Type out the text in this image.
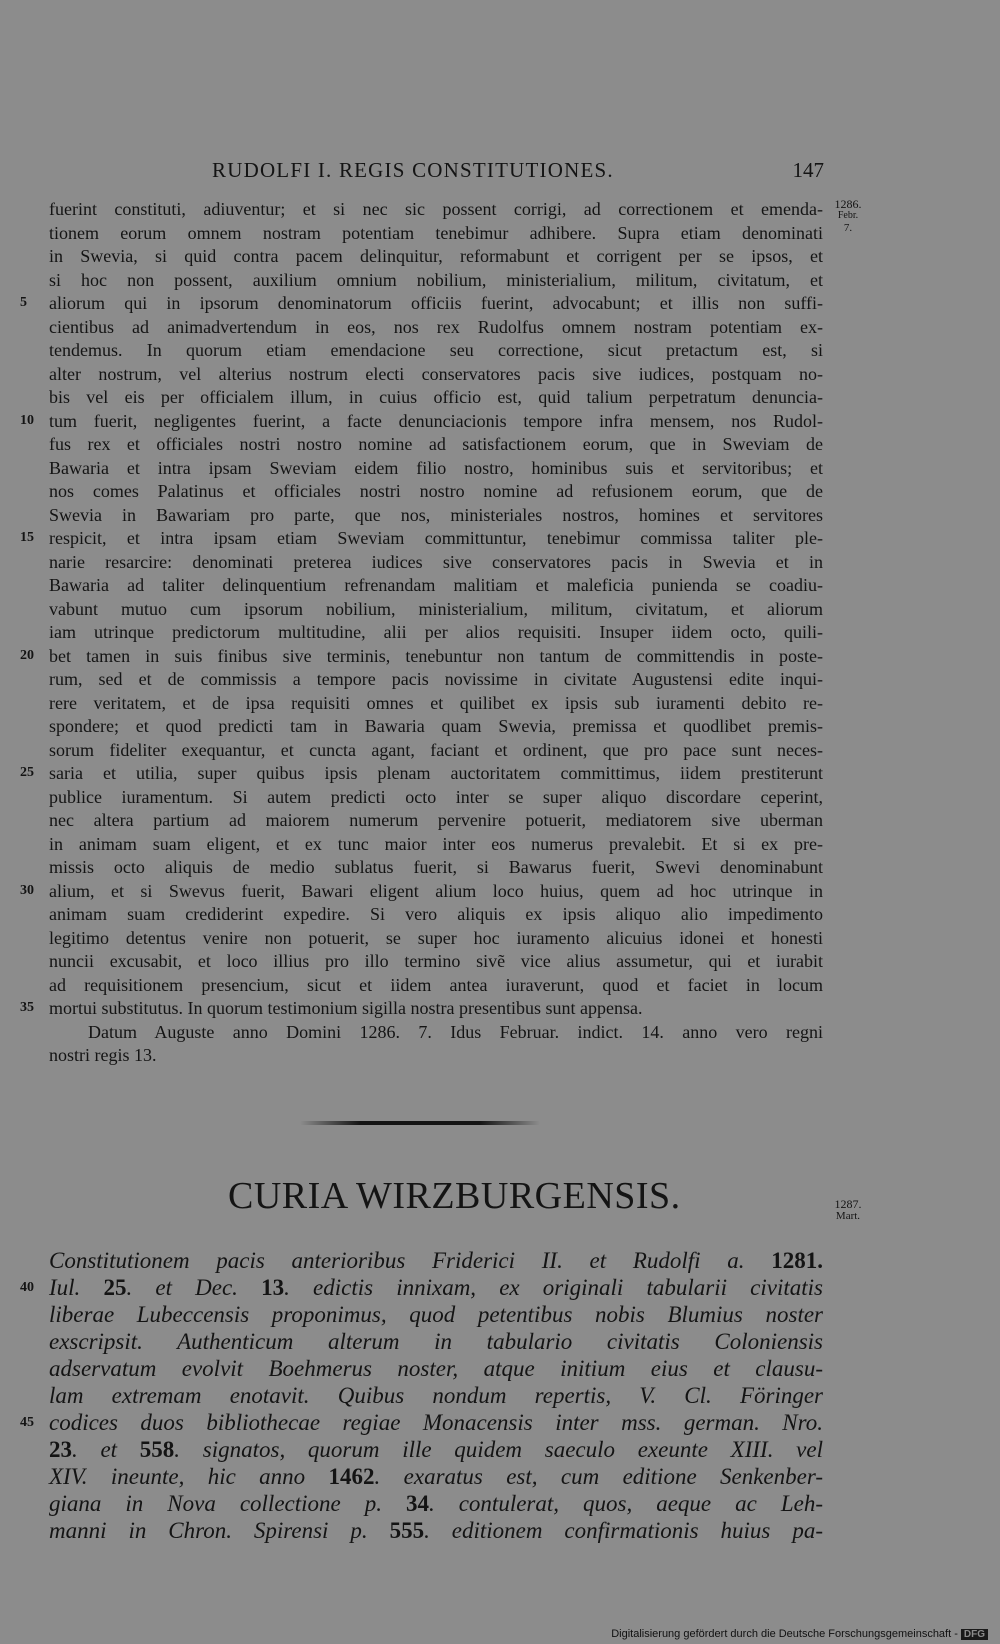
RUDOLFI I. REGIS CONSTITUTIONES.	147
1286.
Febr.
7.
fuerint constituti, adiuventur; et si nec sic possent corrigi, ad correctionem et emenda-
tionem eorum omnem nostram potentiam tenebimur adhibere. Supra etiam denominati
in Swevia, si quid contra pacem delinquitur, reformabunt et corrigent per se ipsos, et
si hoc non possent, auxilium omnium nobilium, ministerialium, militum, civitatum, et
aliorum qui in ipsorum denominatorum officiis fuerint, advocabunt; et illis non suffi-
5
cientibus ad animadvertendum in eos, nos rex Rudolfus omnem nostram potentiam ex-
tendemus. In quorum etiam emendacione seu correctione, sicut pretactum est, si
alter nostrum, vel alterius nostrum electi conservatores pacis sive iudices, postquam no-
bis vel eis per officialem illum, in cuius officio est, quid talium perpetratum denuncia-
tum fuerit, negligentes fuerint, a facte denunciacionis tempore infra mensem, nos Rudol-
10
fus rex et officiales nostri nostro nomine ad satisfactionem eorum, que in Sweviam de
Bawaria et intra ipsam Sweviam eidem filio nostro, hominibus suis et servitoribus; et
nos comes Palatinus et officiales nostri nostro nomine ad refusionem eorum, que de
Swevia in Bawariam pro parte, que nos, ministeriales nostros, homines et servitores
respicit, et intra ipsam etiam Sweviam committuntur, tenebimur commissa taliter ple-
15
narie resarcire: denominati preterea iudices sive conservatores pacis in Swevia et in
Bawaria ad taliter delinquentium refrenandam malitiam et maleficia punienda se coadiu-
vabunt mutuo cum ipsorum nobilium, ministerialium, militum, civitatum, et aliorum
iam utrinque predictorum multitudine, alii per alios requisiti. Insuper iidem octo, quili-
bet tamen in suis finibus sive terminis, tenebuntur non tantum de committendis in poste-
20
rum, sed et de commissis a tempore pacis novissime in civitate Augustensi edite inqui-
rere veritatem, et de ipsa requisiti omnes et quilibet ex ipsis sub iuramenti debito re-
spondere; et quod predicti tam in Bawaria quam Swevia, premissa et quodlibet premis-
sorum fideliter exequantur, et cuncta agant, faciant et ordinent, que pro pace sunt neces-
saria et utilia, super quibus ipsis plenam auctoritatem committimus, iidem prestiterunt
25
publice iuramentum. Si autem predicti octo inter se super aliquo discordare ceperint,
nec altera partium ad maiorem numerum pervenire potuerit, mediatorem sive uberman
in animam suam eligent, et ex tunc maior inter eos numerus prevalebit. Et si ex pre-
missis octo aliquis de medio sublatus fuerit, si Bawarus fuerit, Swevi denominabunt
alium, et si Swevus fuerit, Bawari eligent alium loco huius, quem ad hoc utrinque in
30
animam suam crediderint expedire. Si vero aliquis ex ipsis aliquo alio impedimento
legitimo detentus venire non potuerit, se super hoc iuramento alicuius idonei et honesti
nuncii excusabit, et loco illius pro illo termino sivẽ vice alius assumetur, qui et iurabit
ad requisitionem presencium, sicut et iidem antea iuraverunt, quod et faciet in locum
mortui substitutus. In quorum testimonium sigilla nostra presentibus sunt appensa.
35
Datum Auguste anno Domini 1286. 7. Idus Februar. indict. 14. anno vero regni
nostri regis 13.
CURIA WIRZBURGENSIS.	1287.
Mart.
Constitutionem pacis anterioribus Friderici II. et Rudolfi a. 1281.
Iul. 25. et Dec. 13. edictis innixam, ex originali tabularii civitatis
40
liberae Lubeccensis proponimus, quod petentibus nobis Blumius noster
exscripsit. Authenticum alterum in tabulario civitatis Coloniensis
adservatum evolvit Boehmerus noster, atque initium eius et clausu-
lam extremam enotavit. Quibus nondum repertis, V. Cl. Föringer
codices duos bibliothecae regiae Monacensis inter mss. german. Nro.
45
23. et 558. signatos, quorum ille quidem saeculo exeunte XIII. vel
XIV. ineunte, hic anno 1462. exaratus est, cum editione Senkenber-
giana in Nova collectione p. 34. contulerat, quos, aeque ac Leh-
manni in Chron. Spirensi p. 555. editionem confirmationis huius pa-
Digitalisierung gefördert durch die Deutsche Forschungsgemeinschaft - DFG
